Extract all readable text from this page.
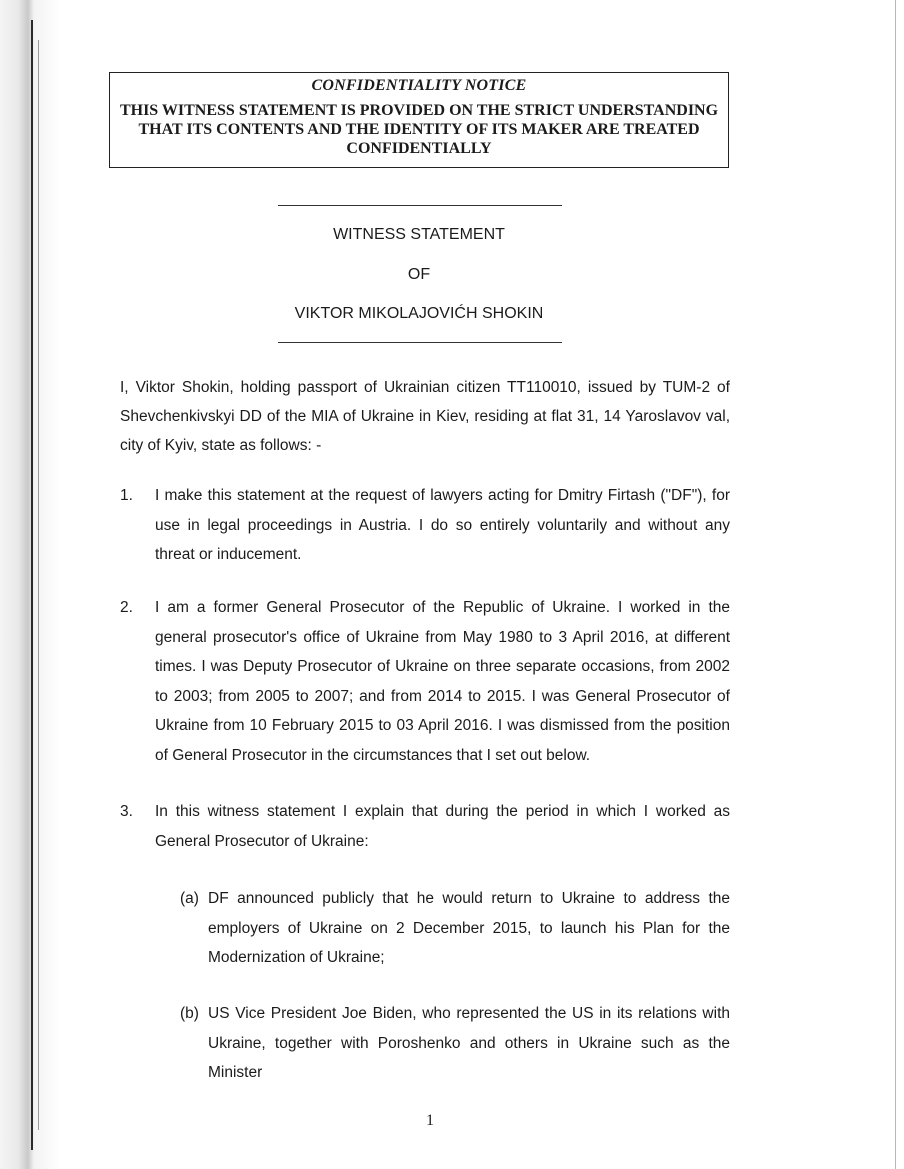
CONFIDENTIALITY NOTICE
THIS WITNESS STATEMENT IS PROVIDED ON THE STRICT UNDERSTANDING THAT ITS CONTENTS AND THE IDENTITY OF ITS MAKER ARE TREATED CONFIDENTIALLY
WITNESS STATEMENT
OF
VIKTOR MIKOLAJOVIĆH SHOKIN
I, Viktor Shokin, holding passport of Ukrainian citizen TT110010, issued by TUM-2 of Shevchenkivskyi DD of the MIA of Ukraine in Kiev, residing at flat 31, 14 Yaroslavov val, city of Kyiv, state as follows: -
1. I make this statement at the request of lawyers acting for Dmitry Firtash ("DF"), for use in legal proceedings in Austria. I do so entirely voluntarily and without any threat or inducement.
2. I am a former General Prosecutor of the Republic of Ukraine. I worked in the general prosecutor's office of Ukraine from May 1980 to 3 April 2016, at different times. I was Deputy Prosecutor of Ukraine on three separate occasions, from 2002 to 2003; from 2005 to 2007; and from 2014 to 2015. I was General Prosecutor of Ukraine from 10 February 2015 to 03 April 2016. I was dismissed from the position of General Prosecutor in the circumstances that I set out below.
3. In this witness statement I explain that during the period in which I worked as General Prosecutor of Ukraine:
(a) DF announced publicly that he would return to Ukraine to address the employers of Ukraine on 2 December 2015, to launch his Plan for the Modernization of Ukraine;
(b) US Vice President Joe Biden, who represented the US in its relations with Ukraine, together with Poroshenko and others in Ukraine such as the Minister
1
